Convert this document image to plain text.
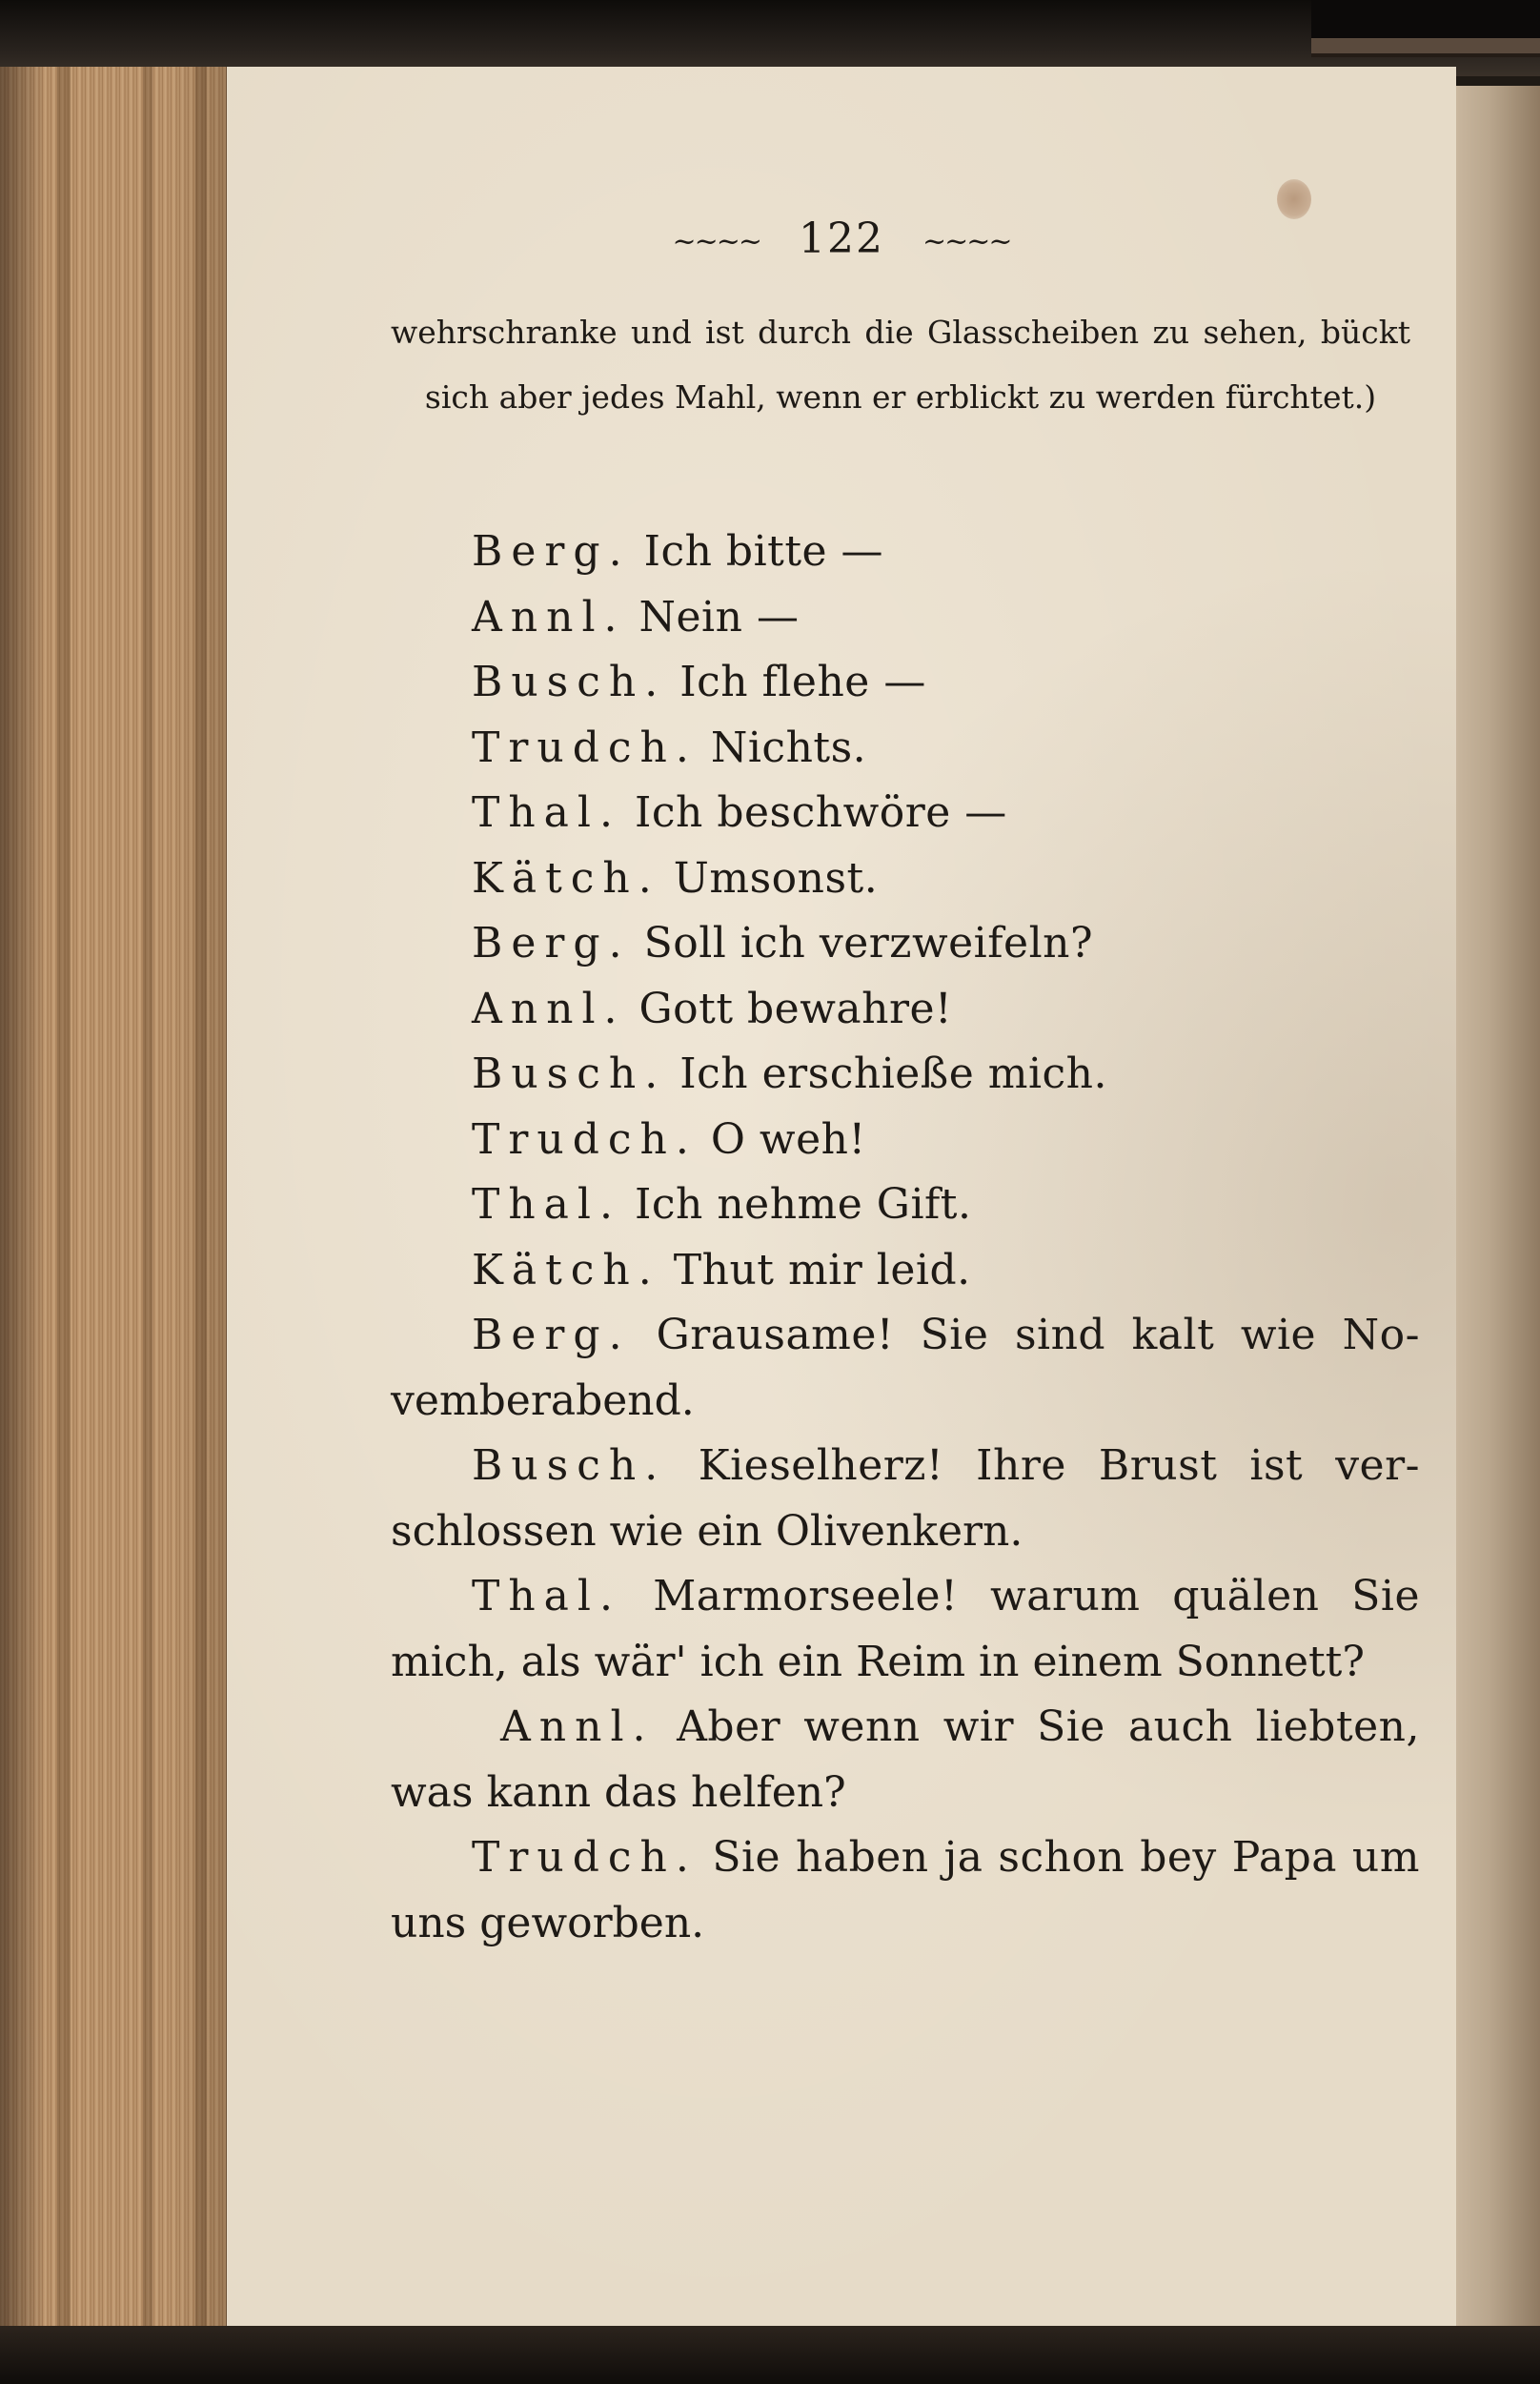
~~~~ 122 ~~~~
wehrschranke und ist durch die Glasscheiben zu sehen, bückt sich aber jedes Mahl, wenn er erblickt zu werden fürchtet.)
Berg. Ich bitte —
Annl. Nein —
Busch. Ich flehe —
Trudch. Nichts.
Thal. Ich beschwöre —
Kätch. Umsonst.
Berg. Soll ich verzweifeln?
Annl. Gott bewahre!
Busch. Ich erschieße mich.
Trudch. O weh!
Thal. Ich nehme Gift.
Kätch. Thut mir leid.
Berg. Grausame! Sie sind kalt wie No-
vemberabend.
Busch. Kieselherz! Ihre Brust ist ver-
schlossen wie ein Olivenkern.
Thal. Marmorseele! warum quälen Sie
mich, als wär' ich ein Reim in einem Sonnett?
Annl. Aber wenn wir Sie auch liebten,
was kann das helfen?
Trudch. Sie haben ja schon bey Papa um
uns geworben.
